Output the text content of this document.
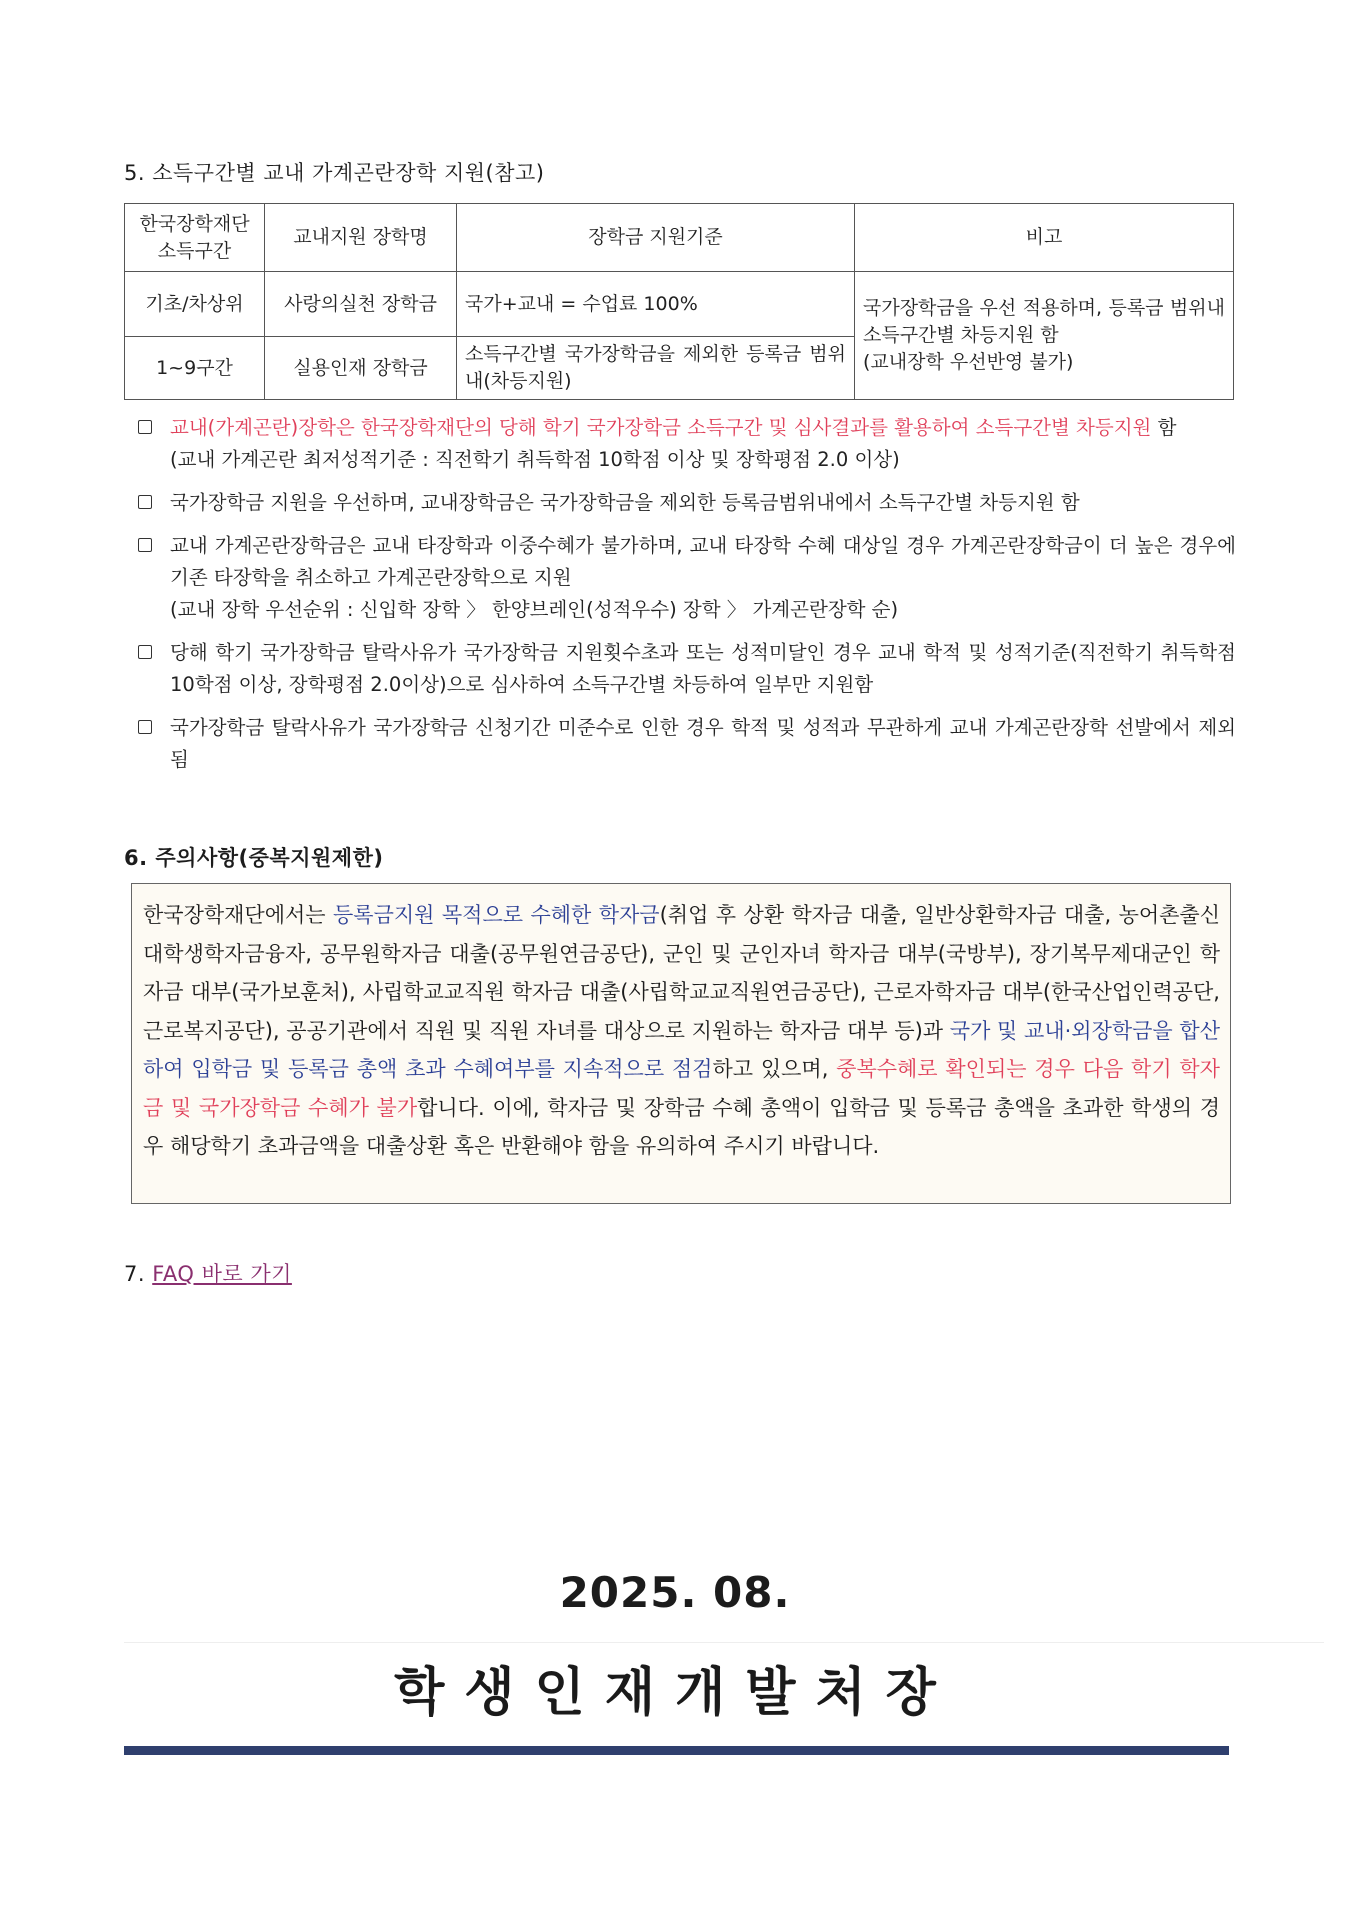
5. 소득구간별 교내 가계곤란장학 지원(참고)
한국장학재단
소득구간	교내지원 장학명	장학금 지원기준	비고
기초/차상위	사랑의실천 장학금	국가+교내 = 수업료 100%	국가장학금을 우선 적용하며, 등록금 범위내 소득구간별 차등지원 함
(교내장학 우선반영 불가)
1~9구간	실용인재 장학금	소득구간별 국가장학금을 제외한 등록금 범위내(차등지원)	

교내(가계곤란)장학은 한국장학재단의 당해 학기 국가장학금 소득구간 및 심사결과를 활용하여 소득구간별 차등지원 함

(교내 가계곤란 최저성적기준 : 직전학기 취득학점 10학점 이상 및 장학평점 2.0 이상)

국가장학금 지원을 우선하며, 교내장학금은 국가장학금을 제외한 등록금범위내에서 소득구간별 차등지원 함

교내 가계곤란장학금은 교내 타장학과 이중수혜가 불가하며, 교내 타장학 수혜 대상일 경우 가계곤란장학금이 더 높은 경우에 기존 타장학을 취소하고 가계곤란장학으로 지원

(교내 장학 우선순위 : 신입학 장학 〉 한양브레인(성적우수) 장학 〉 가계곤란장학 순)

당해 학기 국가장학금 탈락사유가 국가장학금 지원횟수초과 또는 성적미달인 경우 교내 학적 및 성적기준(직전학기 취득학점 10학점 이상, 장학평점 2.0이상)으로 심사하여 소득구간별 차등하여 일부만 지원함

국가장학금 탈락사유가 국가장학금 신청기간 미준수로 인한 경우 학적 및 성적과 무관하게 교내 가계곤란장학 선발에서 제외됨

6. 주의사항(중복지원제한)
한국장학재단에서는 등록금지원 목적으로 수혜한 학자금(취업 후 상환 학자금 대출, 일반상환학자금 대출, 농어촌출신대학생학자금융자, 공무원학자금 대출(공무원연금공단), 군인 및 군인자녀 학자금 대부(국방부), 장기복무제대군인 학자금 대부(국가보훈처), 사립학교교직원 학자금 대출(사립학교교직원연금공단), 근로자학자금 대부(한국산업인력공단, 근로복지공단), 공공기관에서 직원 및 직원 자녀를 대상으로 지원하는 학자금 대부 등)과 국가 및 교내·외장학금을 합산하여 입학금 및 등록금 총액 초과 수혜여부를 지속적으로 점검하고 있으며, 중복수혜로 확인되는 경우 다음 학기 학자금 및 국가장학금 수혜가 불가합니다. 이에, 학자금 및 장학금 수혜 총액이 입학금 및 등록금 총액을 초과한 학생의 경우 해당학기 초과금액을 대출상환 혹은 반환해야 함을 유의하여 주시기 바랍니다.
7. FAQ 바로 가기
2025. 08.
학생인재개발처장
